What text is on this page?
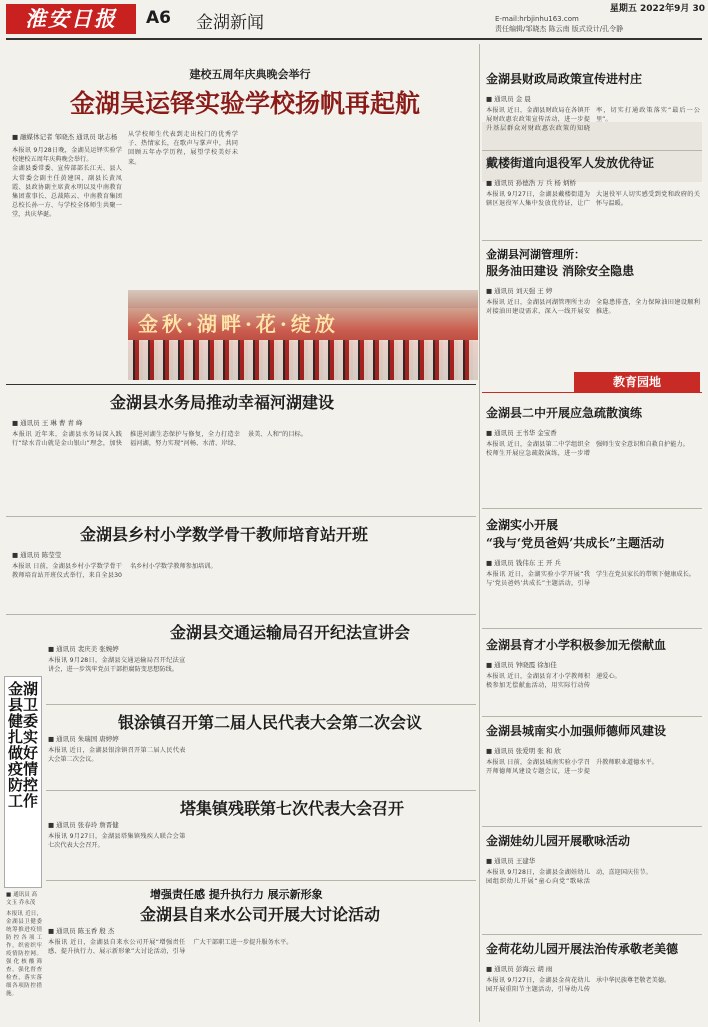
淮安日报	A6 金湖新闻
星期五 2022年9月 30
E-mail:hrbjinhu163.com
责任编辑/邹晓杰 陈云南 版式设计/孔令静
建校五周年庆典晚会举行
金湖吴运铎实验学校扬帆再起航
■ 融媒体记者 邹晓杰 通讯员 耿志杨

本报讯 9月28日晚，金湖吴运铎实验学校建校五周年庆典晚会举行。

金湖县委常委、宣传部部长江天、县人大常委会副主任黄建国、副县长黄凤霞、县政协副主席黄永明以及中南教育集团董事长、总裁陈云、中南教育集团总校长孙一方、与学校全体师生共聚一堂，共庆华诞。

从学校师生代表到走出校门的优秀学子、热情家长，在歌声与掌声中，共同回顾五年办学历程，展望学校美好未来。

金秋·湖畔·花·绽放
金湖县水务局推动幸福河湖建设
■ 通讯员 王 琳 曹 青 峰
本报讯 近年来，金湖县水务局深入践行“绿水青山就是金山银山”理念，加快推进河湖生态保护与修复，全力打造幸福河湖，努力实现“河畅、水清、岸绿、景美、人和”的目标。
金湖县乡村小学数学骨干教师培育站开班
■ 通讯员 陈莹莹
本报讯 日前，金湖县乡村小学数学骨干教师培育站开班仪式举行，来自全县30名乡村小学数学教师参加培训。
金湖县交通运输局召开纪法宣讲会
■ 通讯员 裴庆美 张婉婷
本报讯 9月28日，金湖县交通运输局召开纪法宣讲会，进一步筑牢党员干部拒腐防变思想防线。
银涂镇召开第二届人民代表大会第二次会议
■ 通讯员 朱瑞国 唐婷婷
本报讯 近日，金湖县银涂镇召开第二届人民代表大会第二次会议。
塔集镇残联第七次代表大会召开
■ 通讯员 张春玲 詹晋健
本报讯 9月27日，金湖县塔集镇残疾人联合会第七次代表大会召开。
增强责任感 提升执行力 展示新形象
金湖县自来水公司开展大讨论活动
■ 通讯员 陈玉香 殷 杰
本报讯 近日，金湖县自来水公司开展“增强责任感、提升执行力、展示新形象”大讨论活动，引导广大干部职工进一步提升服务水平。
金湖县卫健委扎实做好疫情防控工作
■ 通讯员 高文玉 乔永茂
本报讯 近日，金湖县卫健委统筹推进疫情防控各项工作，织密织牢疫情防控网。强化核酸筛查，强化督查检查，落实落细各项防控措施。
金湖县财政局政策宣传进村庄
■ 通讯员 金 晨
本报讯 近日，金湖县财政局在各镇开展财政惠农政策宣传活动，进一步提升基层群众对财政惠农政策的知晓率，切实打通政策落实“最后一公里”。
戴楼街道向退役军人发放优待证
■ 通讯员 孙德浩 万 兵 杨 炳桥
本报讯 9月27日，金湖县戴楼街道为辖区退役军人集中发放优待证，让广大退役军人切实感受到党和政府的关怀与温暖。
金湖县河湖管理所：
服务油田建设 消除安全隐患
■ 通讯员 刘天强 王 婷
本报讯 近日，金湖县河湖管理所主动对接油田建设需求，深入一线开展安全隐患排查，全力保障油田建设顺利推进。
教育园地
金湖县二中开展应急疏散演练
■ 通讯员 王书华 金宝香
本报讯 近日，金湖县第二中学组织全校师生开展应急疏散演练，进一步增强师生安全意识和自救自护能力。
金湖实小开展
“我与‘党员爸妈’共成长”主题活动
■ 通讯员 钱伟东 王 开 兵
本报讯 近日，金湖实验小学开展“我与‘党员爸妈’共成长”主题活动，引导学生在党员家长的带领下健康成长。
金湖县育才小学积极参加无偿献血
■ 通讯员 钟晓霞 徐加佳
本报讯 近日，金湖县育才小学教师积极参加无偿献血活动，用实际行动传递爱心。
金湖县城南实小加强师德师风建设
■ 通讯员 张爱明 张 和 欣
本报讯 日前，金湖县城南实验小学召开师德师风建设专题会议，进一步提升教师职业道德水平。
金湖娃幼儿园开展歌咏活动
■ 通讯员 王建华
本报讯 9月28日，金湖县金湖娃幼儿园组织幼儿开展“童心向党”歌咏活动，喜迎国庆佳节。
金荷花幼儿园开展法治传承敬老美德
■ 通讯员 彭海云 胡 雨
本报讯 9月27日，金湖县金荷花幼儿园开展重阳节主题活动，引导幼儿传承中华民族尊老敬老美德。
